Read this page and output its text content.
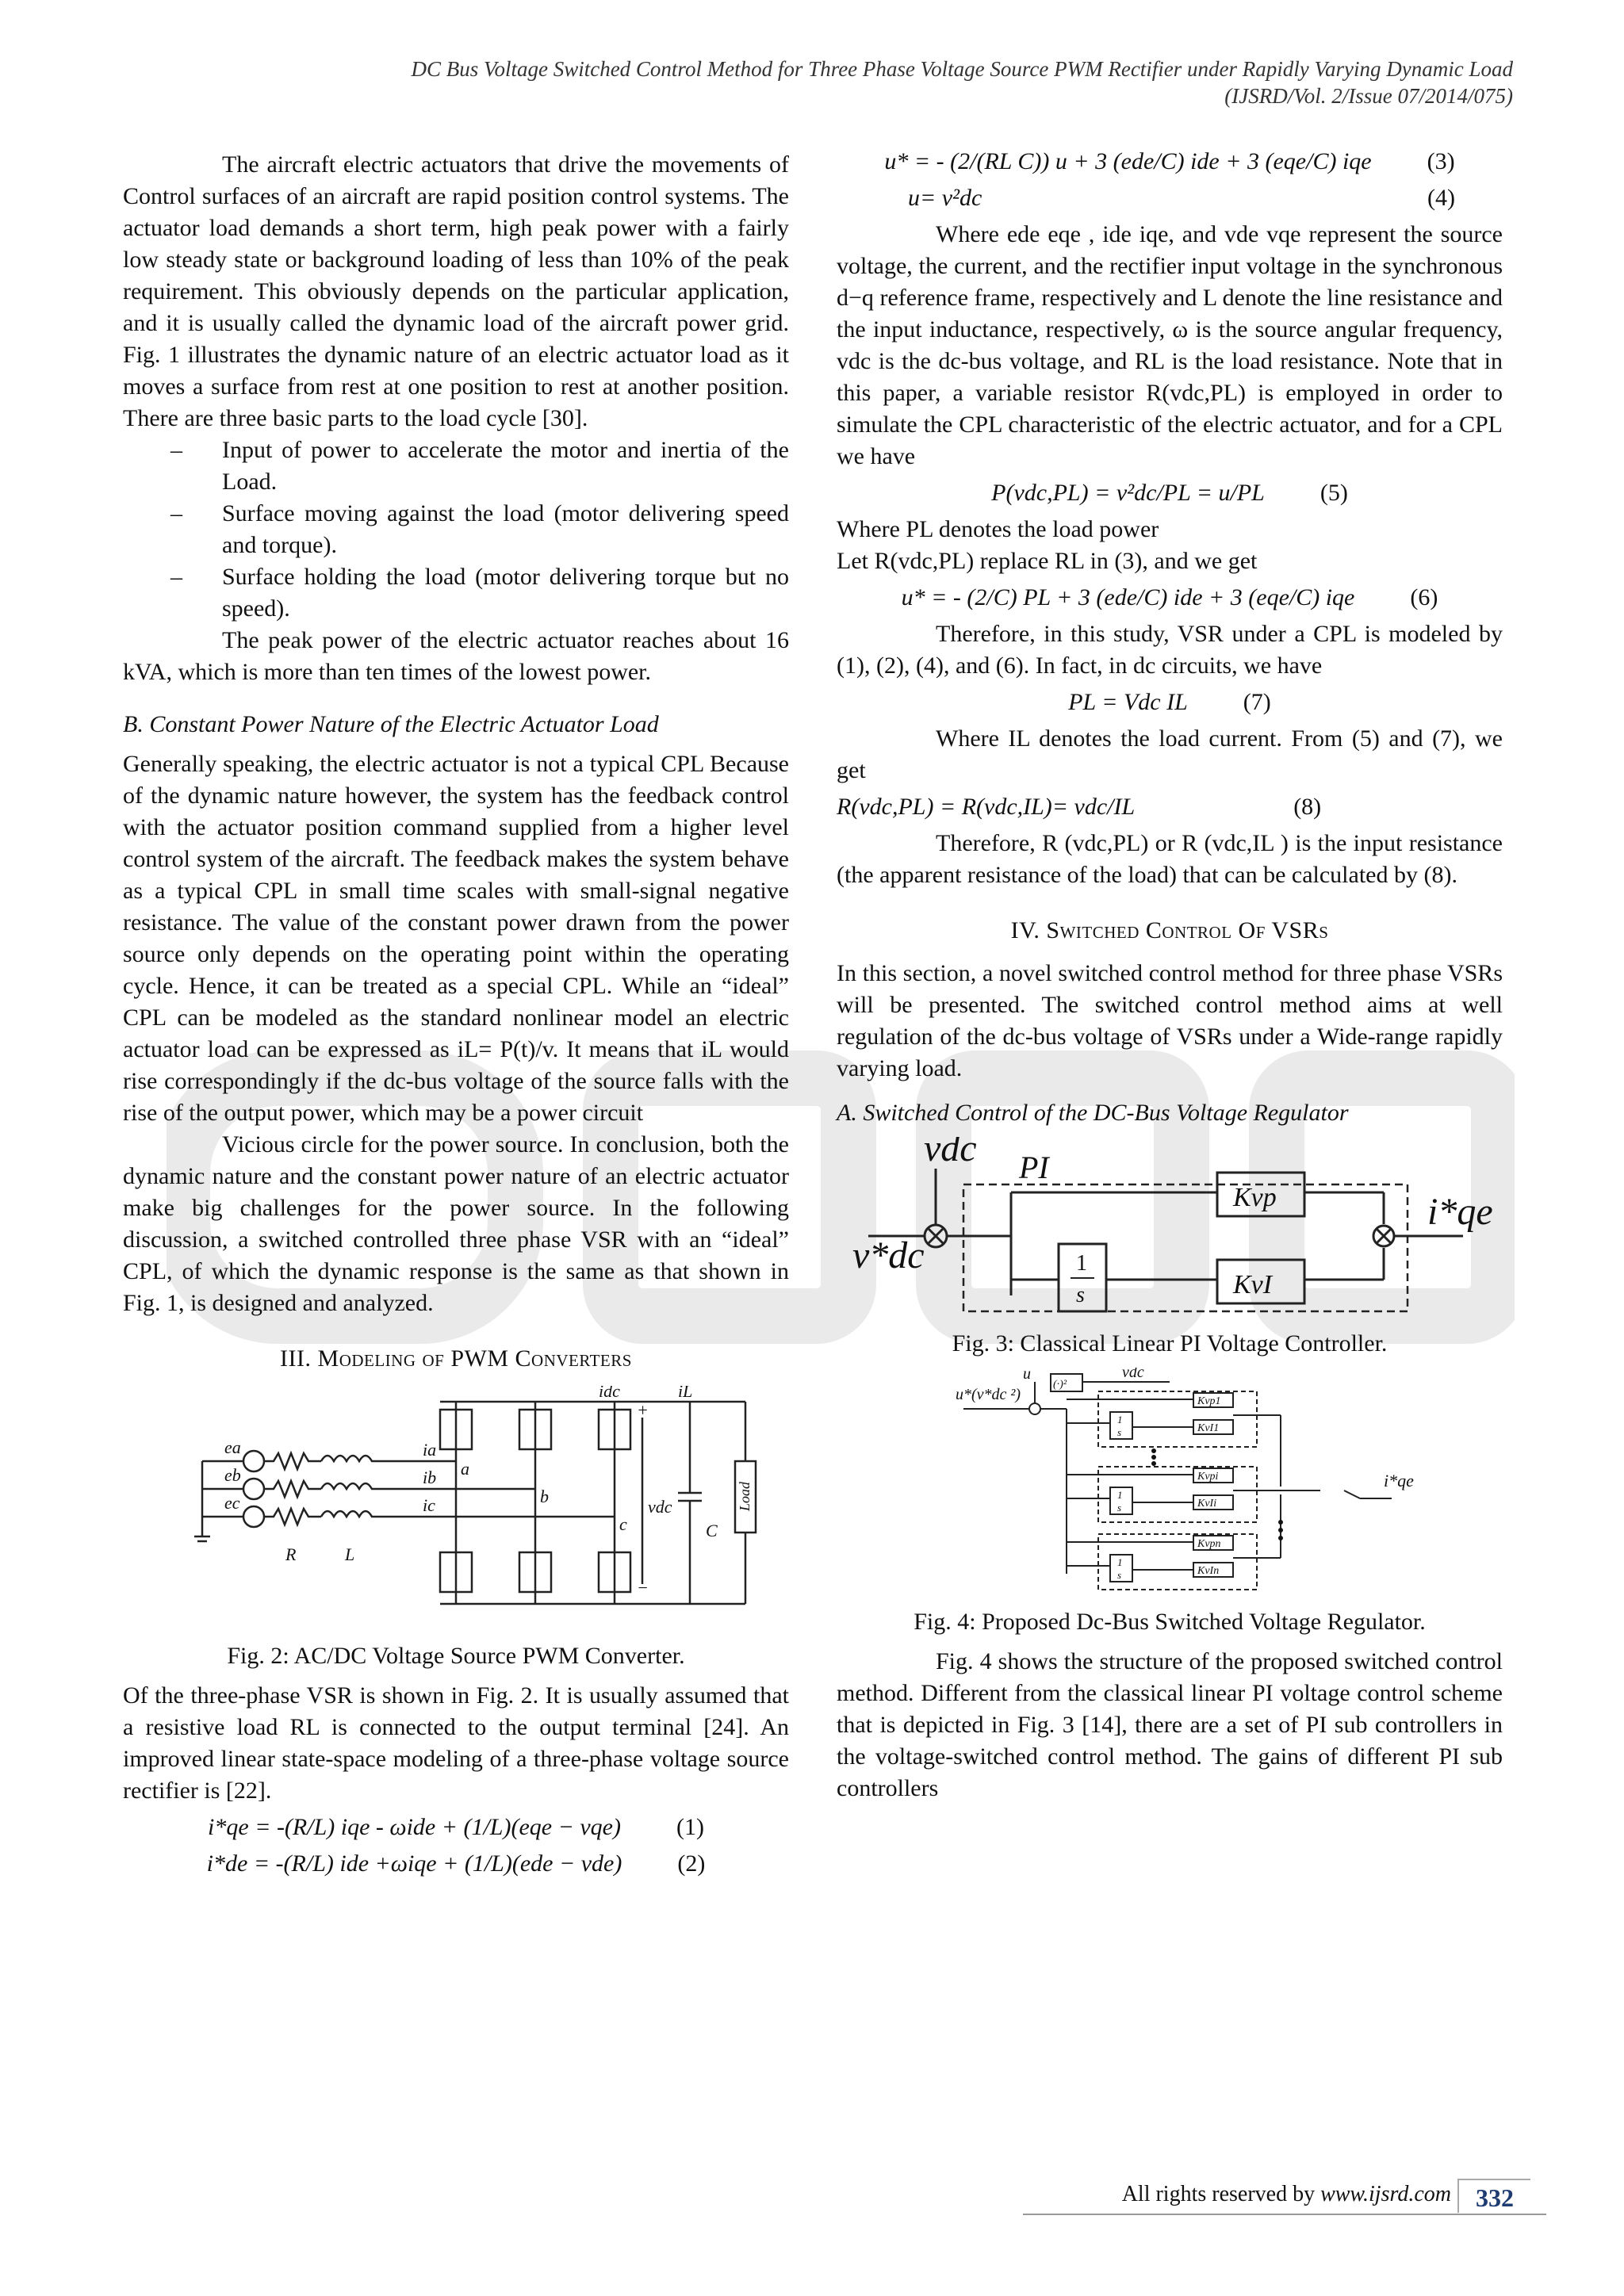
DC Bus Voltage Switched Control Method for Three Phase Voltage Source PWM Rectifier under Rapidly Varying Dynamic Load
(IJSRD/Vol. 2/Issue 07/2014/075)

The aircraft electric actuators that drive the movements of Control surfaces of an aircraft are rapid position control systems. The actuator load demands a short term, high peak power with a fairly low steady state or background loading of less than 10% of the peak requirement. This obviously depends on the particular application, and it is usually called the dynamic load of the aircraft power grid. Fig. 1 illustrates the dynamic nature of an electric actuator load as it moves a surface from rest at one position to rest at another position. There are three basic parts to the load cycle [30].

– Input of power to accelerate the motor and inertia of the Load.
– Surface moving against the load (motor delivering speed and torque).
– Surface holding the load (motor delivering torque but no speed).

The peak power of the electric actuator reaches about 16 kVA, which is more than ten times of the lowest power.

B. Constant Power Nature of the Electric Actuator Load

Generally speaking, the electric actuator is not a typical CPL Because of the dynamic nature however, the system has the feedback control with the actuator position command supplied from a higher level control system of the aircraft. The feedback makes the system behave as a typical CPL in small time scales with small-signal negative resistance. The value of the constant power drawn from the power source only depends on the operating point within the operating cycle. Hence, it can be treated as a special CPL. While an “ideal” CPL can be modeled as the standard nonlinear model an electric actuator load can be expressed as iL= P(t)/v. It means that iL would rise correspondingly if the dc-bus voltage of the source falls with the rise of the output power, which may be a power circuit

Vicious circle for the power source. In conclusion, both the dynamic nature and the constant power nature of an electric actuator make big challenges for the power source. In the following discussion, a switched controlled three phase VSR with an “ideal” CPL, of which the dynamic response is the same as that shown in Fig. 1, is designed and analyzed.

III. Modeling of PWM Converters

idc	iL
ea
eb
ec
ia
ib
ic
a
b
c
vdc
C
Load
R	L
+
−

Fig. 2: AC/DC Voltage Source PWM Converter.

Of the three-phase VSR is shown in Fig. 2. It is usually assumed that a resistive load RL is connected to the output terminal [24]. An improved linear state-space modeling of a three-phase voltage source rectifier is [22].

i*qe = -(R/L) iqe - ωide + (1/L)(eqe − vqe) (1)
i*de = -(R/L) ide +ωiqe + (1/L)(ede − vde) (2)
u* = - (2/(RL C)) u + 3 (ede/C) ide + 3 (eqe/C) iqe (3)
u= v²dc	(4)

Where ede eqe , ide iqe, and vde vqe represent the source voltage, the current, and the rectifier input voltage in the synchronous d−q reference frame, respectively and L denote the line resistance and the input inductance, respectively, ω is the source angular frequency, vdc is the dc-bus voltage, and RL is the load resistance. Note that in this paper, a variable resistor R(vdc,PL) is employed in order to simulate the CPL characteristic of the electric actuator, and for a CPL we have

P(vdc,PL) = v²dc/PL = u/PL (5)

Where PL denotes the load power

Let R(vdc,PL) replace RL in (3), and we get

u* = - (2/C) PL + 3 (ede/C) ide + 3 (eqe/C) iqe (6)

Therefore, in this study, VSR under a CPL is modeled by (1), (2), (4), and (6). In fact, in dc circuits, we have

PL = Vdc IL (7)

Where IL denotes the load current. From (5) and (7), we get

R(vdc,PL) = R(vdc,IL)= vdc/IL	(8)

Therefore, R (vdc,PL) or R (vdc,IL ) is the input resistance (the apparent resistance of the load) that can be calculated by (8).

IV. Switched Control Of VSRs

In this section, a novel switched control method for three phase VSRs will be presented. The switched control method aims at well regulation of the dc-bus voltage of VSRs under a Wide-range rapidly varying load.

A. Switched Control of the DC-Bus Voltage Regulator

vdc
v*dc
PI
Kvp
KvI
1
s
i*qe

Fig. 3: Classical Linear PI Voltage Controller.

u
u*(v*dc ²)
(·)²
vdc
Kvp1
KvI1
Kvpi
KvIi
Kvpn
KvIn
1
s
1
s
1
s
i*qe

Fig. 4: Proposed Dc-Bus Switched Voltage Regulator.

Fig. 4 shows the structure of the proposed switched control method. Different from the classical linear PI voltage control scheme that is depicted in Fig. 3 [14], there are a set of PI sub controllers in the voltage-switched control method. The gains of different PI sub controllers

All rights reserved by www.ijsrd.com 332
